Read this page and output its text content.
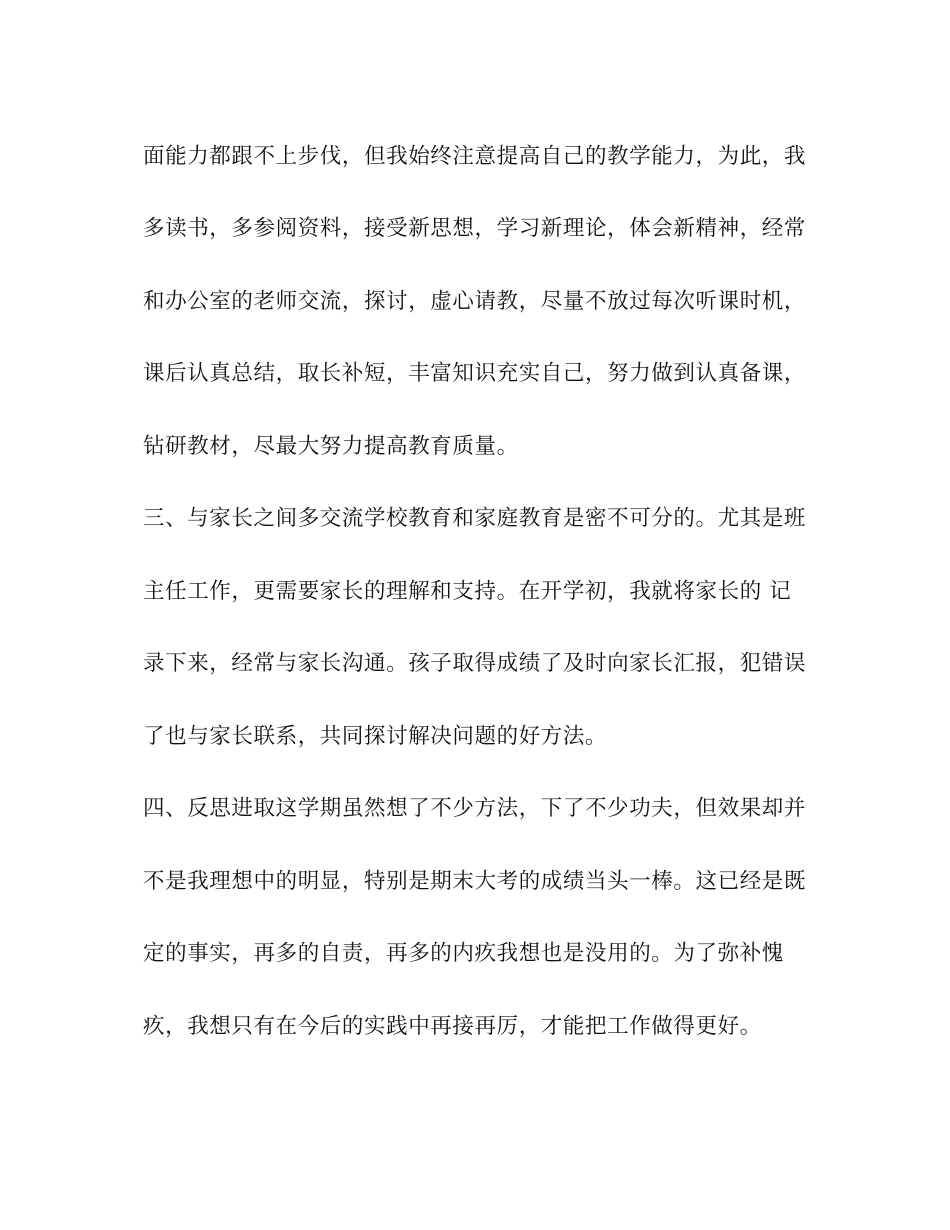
面能力都跟不上步伐，但我始终注意提高自己的教学能力，为此，我
多读书，多参阅资料，接受新思想，学习新理论，体会新精神，经常
和办公室的老师交流，探讨，虚心请教，尽量不放过每次听课时机，
课后认真总结，取长补短，丰富知识充实自己，努力做到认真备课，
钻研教材，尽最大努力提高教育质量。
三、与家长之间多交流学校教育和家庭教育是密不可分的。尤其是班
主任工作，更需要家长的理解和支持。在开学初，我就将家长的 记
录下来，经常与家长沟通。孩子取得成绩了及时向家长汇报，犯错误
了也与家长联系，共同探讨解决问题的好方法。
四、反思进取这学期虽然想了不少方法，下了不少功夫，但效果却并
不是我理想中的明显，特别是期末大考的成绩当头一棒。这已经是既
定的事实，再多的自责，再多的内疚我想也是没用的。为了弥补愧
疚，我想只有在今后的实践中再接再厉，才能把工作做得更好。
